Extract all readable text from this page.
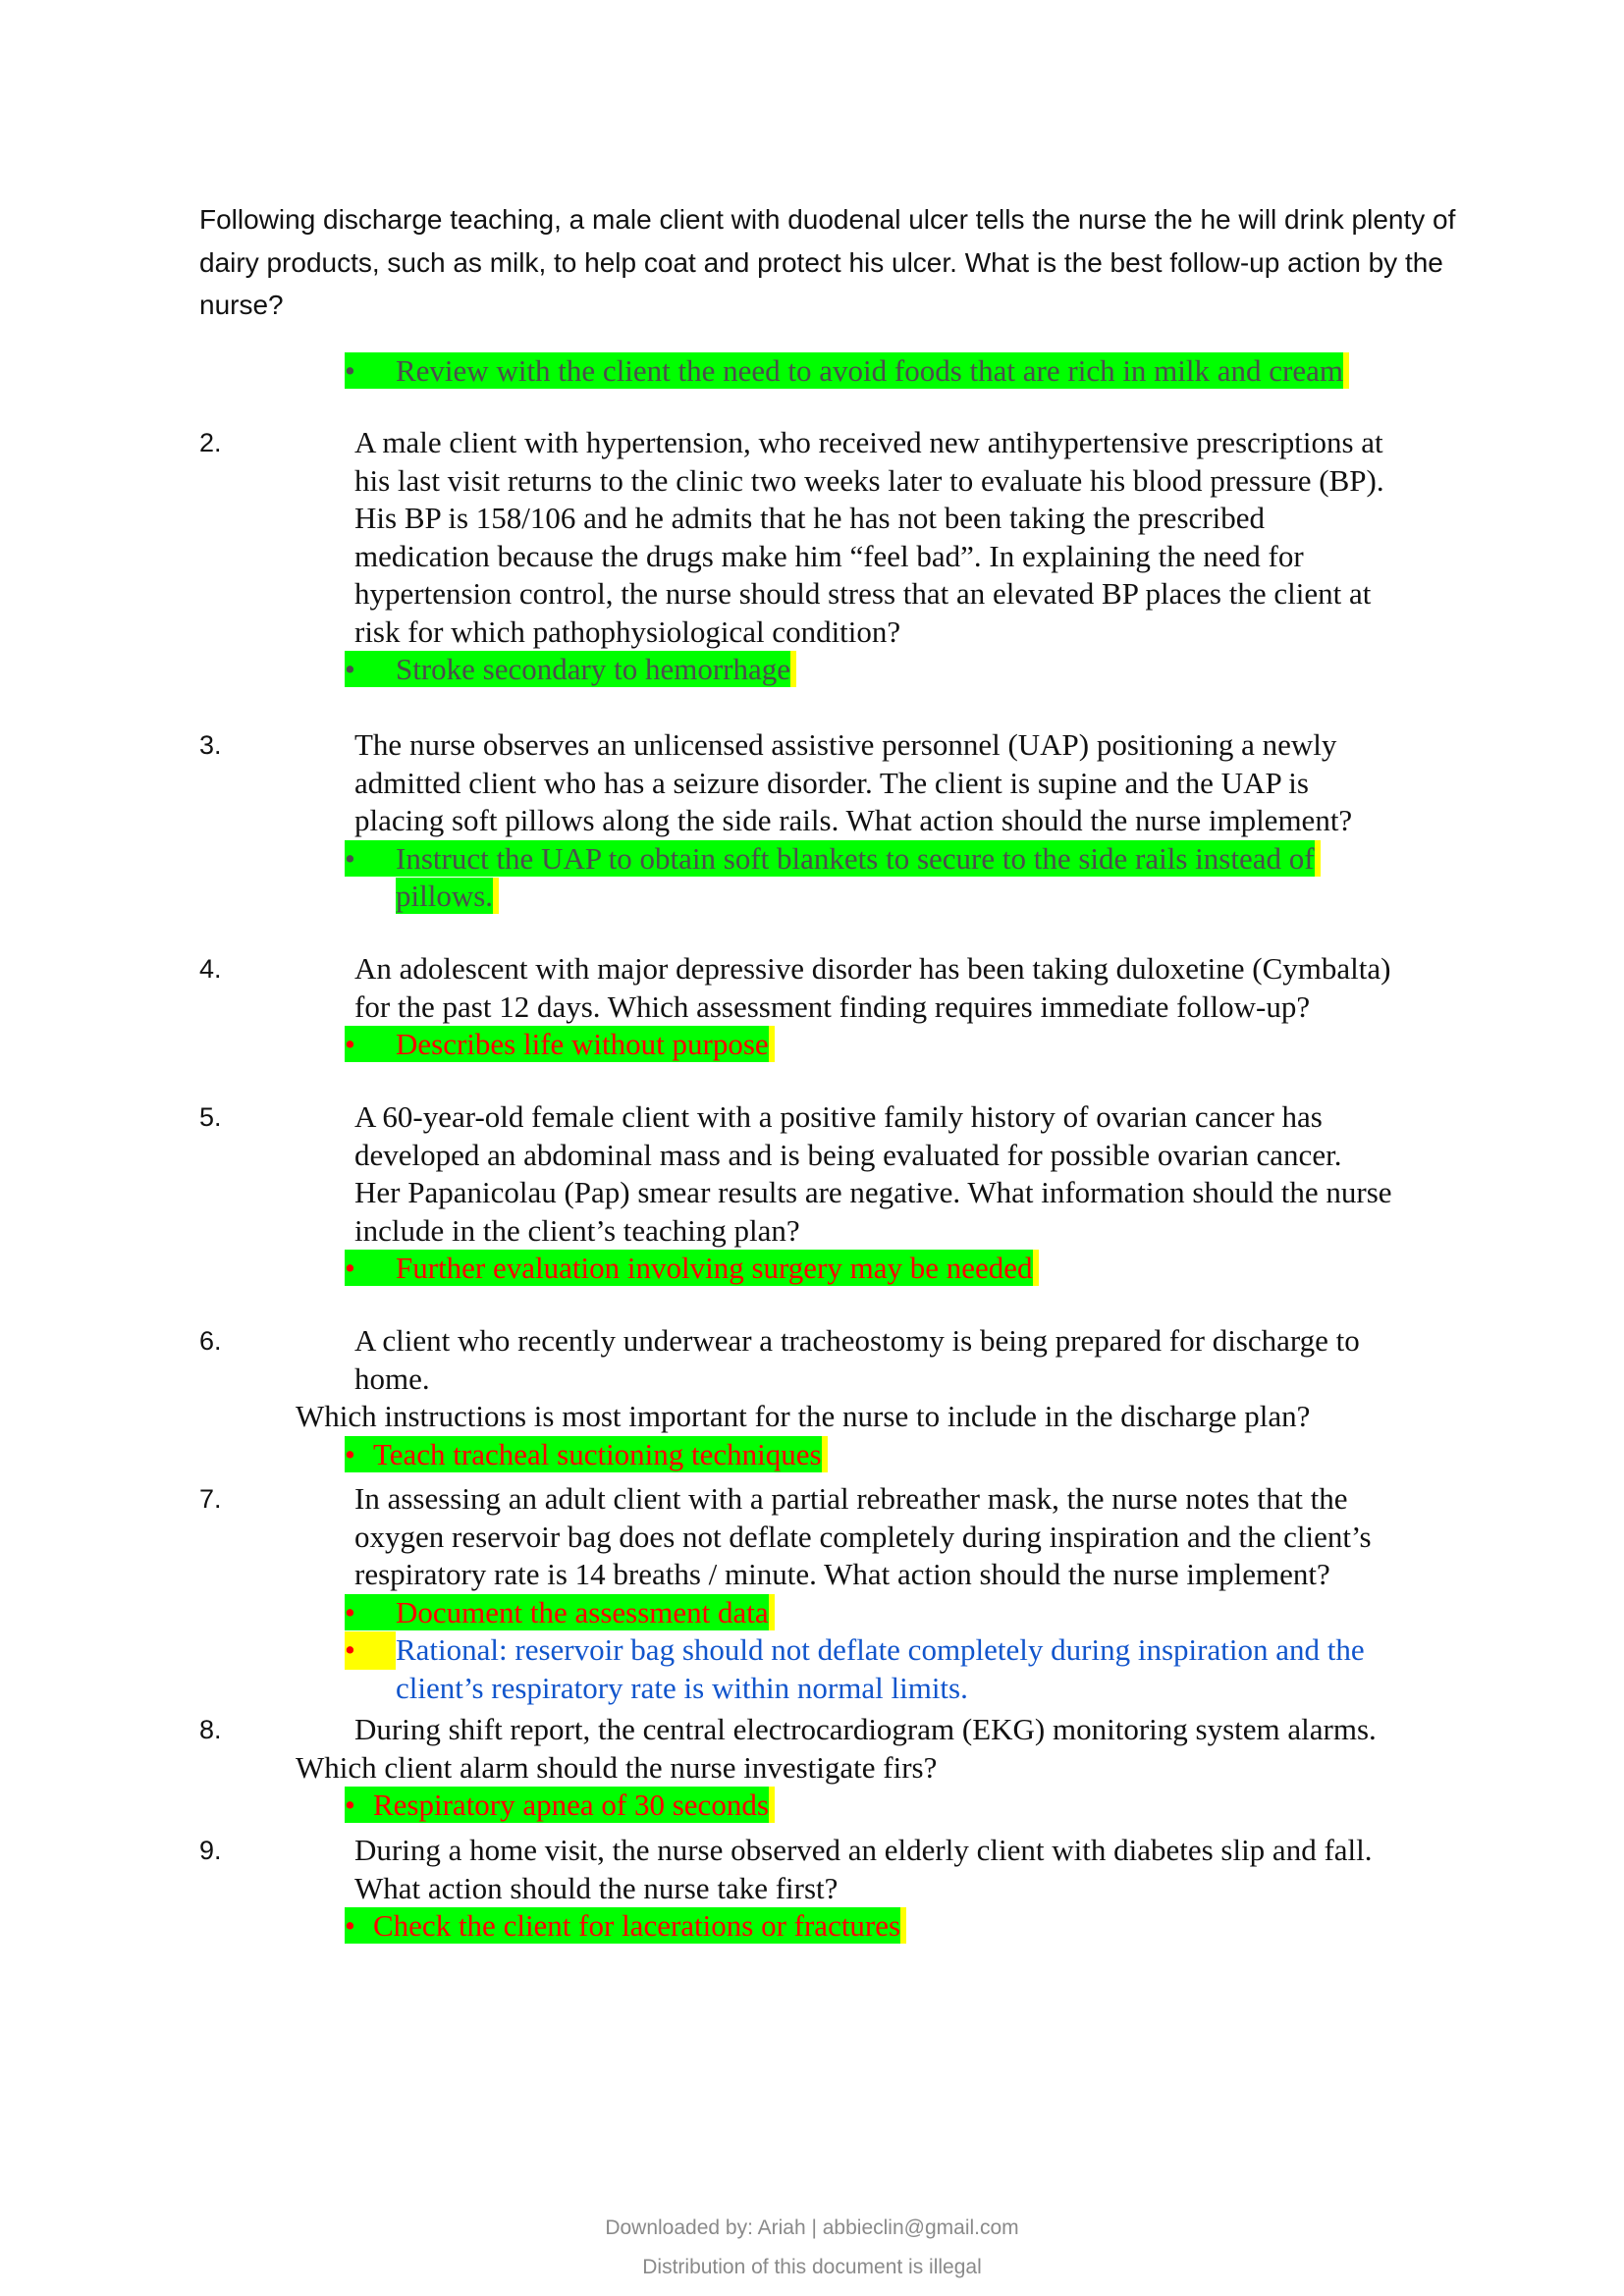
Following discharge teaching, a male client with duodenal ulcer tells the nurse the he will drink plenty of dairy products, such as milk, to help coat and protect his ulcer. What is the best follow-up action by the nurse?
• Review with the client the need to avoid foods that are rich in milk and cream
2.	A male client with hypertension, who received new antihypertensive prescriptions at
his last visit returns to the clinic two weeks later to evaluate his blood pressure (BP).
His BP is 158/106 and he admits that he has not been taking the prescribed
medication because the drugs make him “feel bad”. In explaining the need for
hypertension control, the nurse should stress that an elevated BP places the client at
risk for which pathophysiological condition?
• Stroke secondary to hemorrhage
3.	The nurse observes an unlicensed assistive personnel (UAP) positioning a newly
admitted client who has a seizure disorder. The client is supine and the UAP is
placing soft pillows along the side rails. What action should the nurse implement?
• Instruct the UAP to obtain soft blankets to secure to the side rails instead of
pillows.
4.	An adolescent with major depressive disorder has been taking duloxetine (Cymbalta)
for the past 12 days. Which assessment finding requires immediate follow-up?
• Describes life without purpose
5.	A 60-year-old female client with a positive family history of ovarian cancer has
developed an abdominal mass and is being evaluated for possible ovarian cancer.
Her Papanicolau (Pap) smear results are negative. What information should the nurse
include in the client’s teaching plan?
• Further evaluation involving surgery may be needed
6.	A client who recently underwear a tracheostomy is being prepared for discharge to
home.
Which instructions is most important for the nurse to include in the discharge plan?
• Teach tracheal suctioning techniques
7.	In assessing an adult client with a partial rebreather mask, the nurse notes that the
oxygen reservoir bag does not deflate completely during inspiration and the client’s
respiratory rate is 14 breaths / minute. What action should the nurse implement?
• Document the assessment data
• Rational: reservoir bag should not deflate completely during inspiration and the
client’s respiratory rate is within normal limits.
8.	During shift report, the central electrocardiogram (EKG) monitoring system alarms.
Which client alarm should the nurse investigate firs?
• Respiratory apnea of 30 seconds
9.	During a home visit, the nurse observed an elderly client with diabetes slip and fall.
What action should the nurse take first?
• Check the client for lacerations or fractures
Downloaded by: Ariah | abbieclin@gmail.com
Distribution of this document is illegal
